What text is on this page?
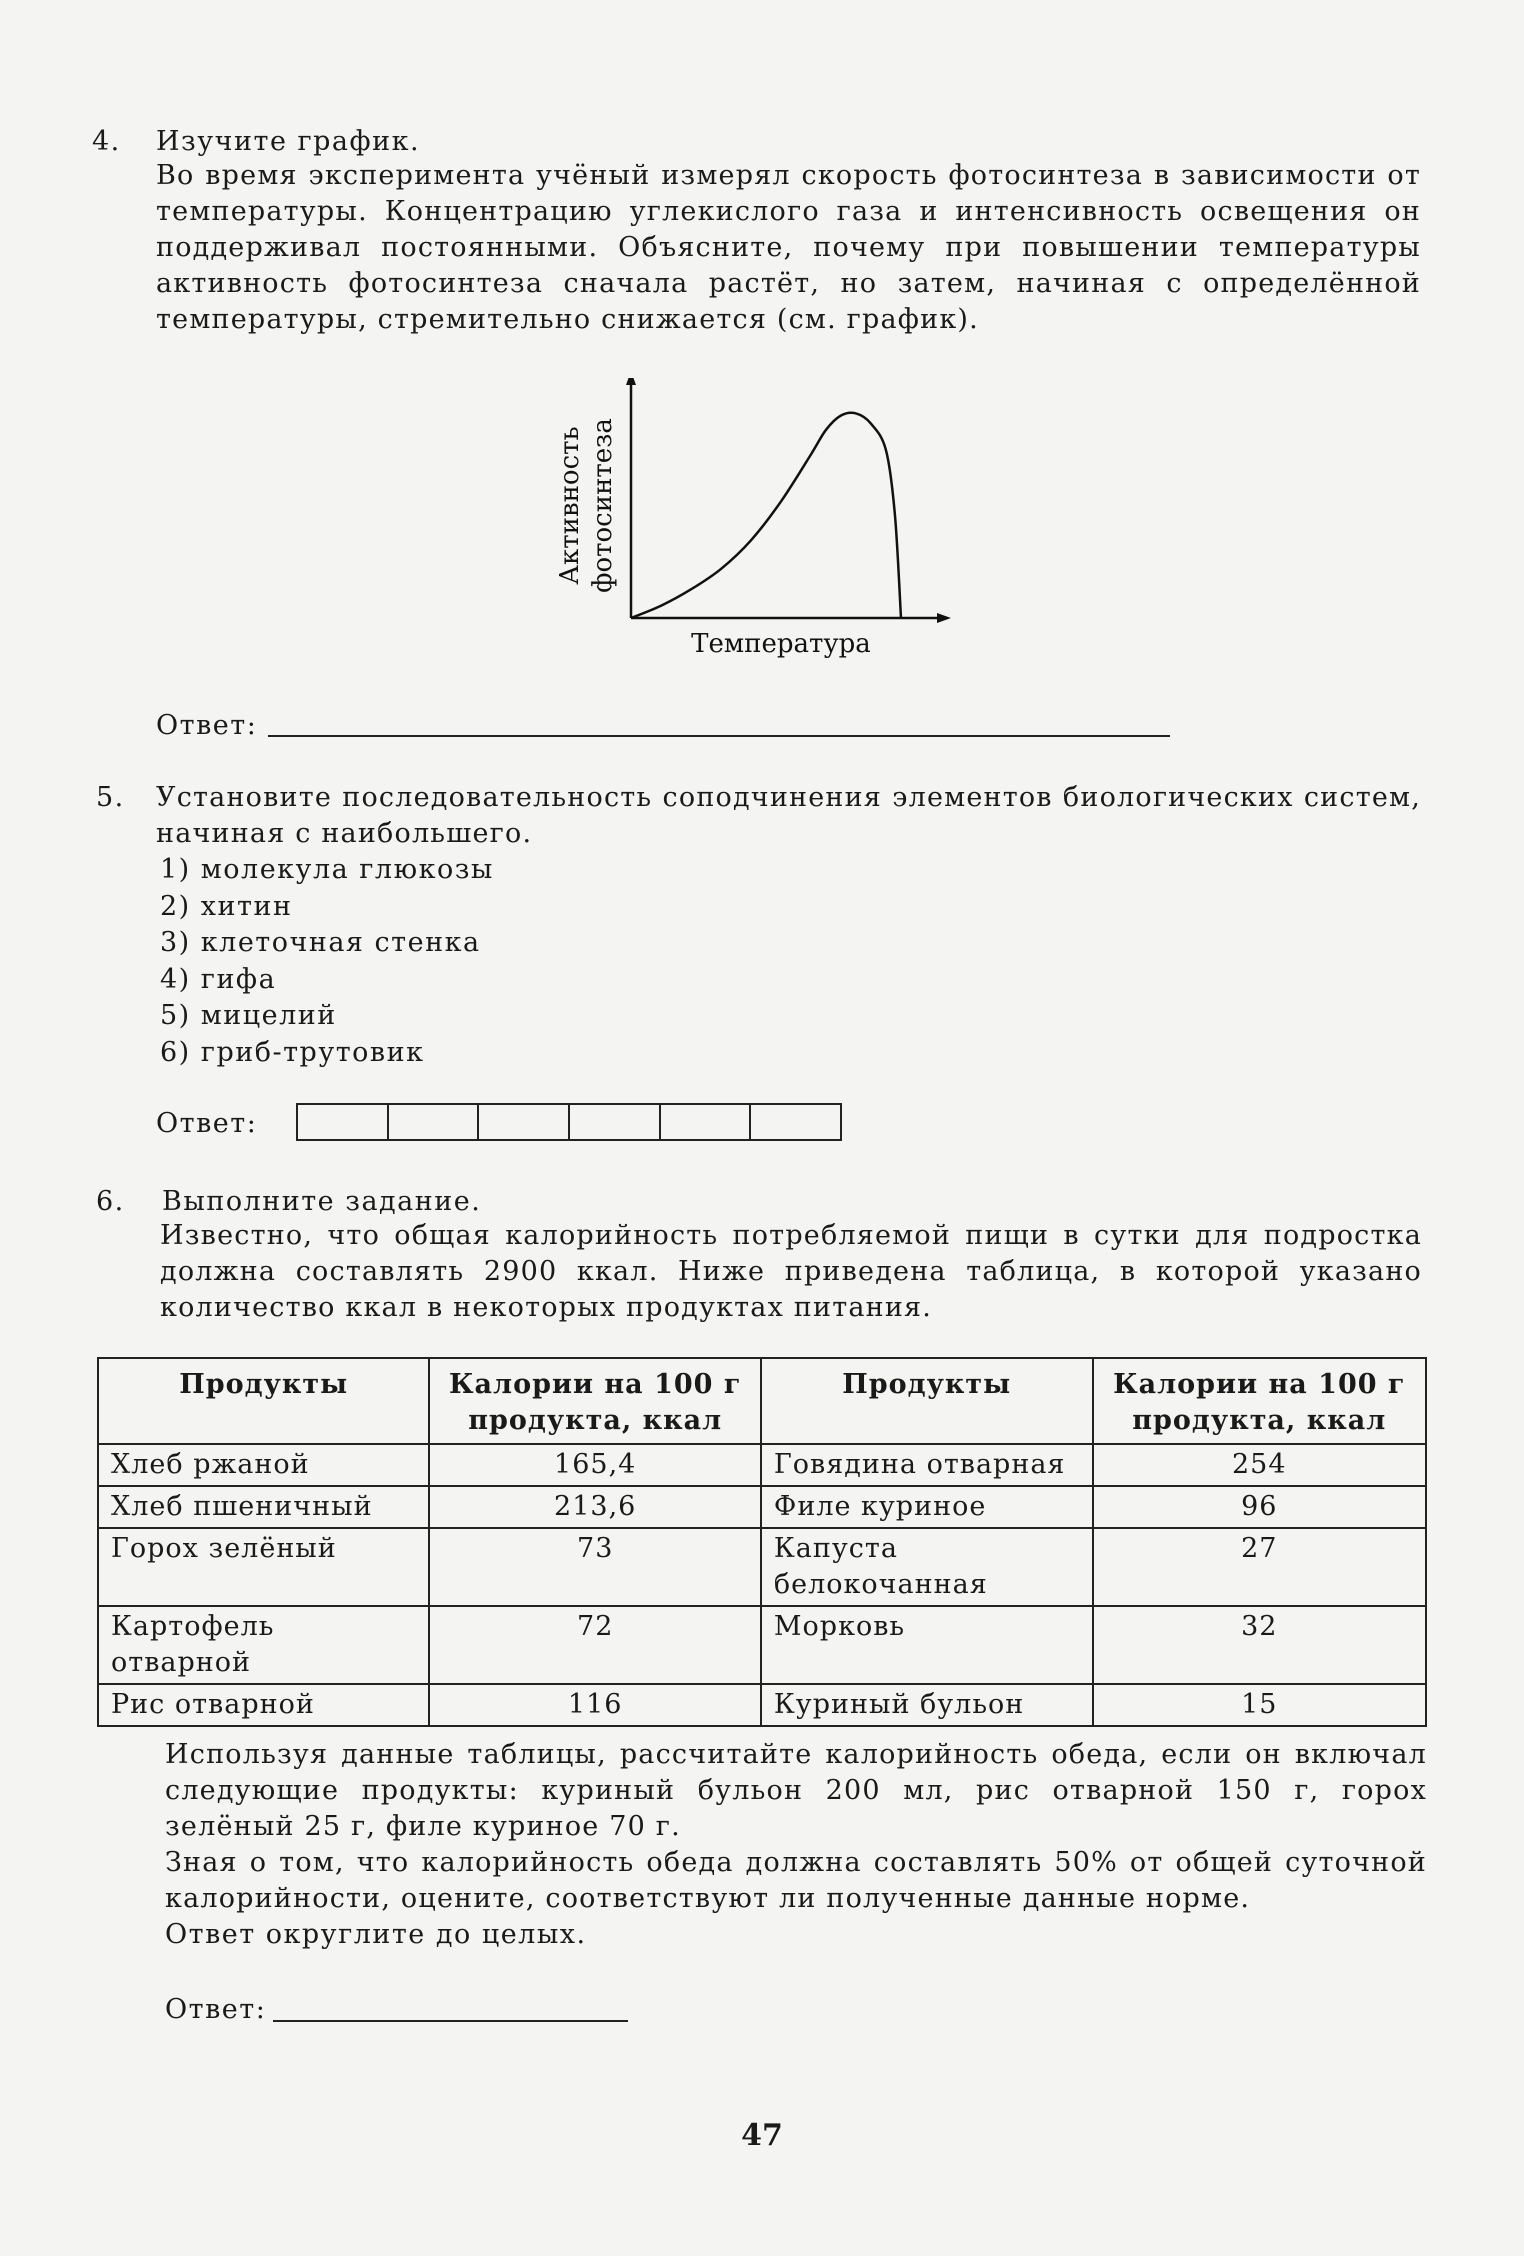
4. Изучите график.
Во время эксперимента учёный измерял скорость фотосинтеза в зависимости от температуры. Концентрацию углекислого газа и интенсивность освещения он поддерживал постоянными. Объясните, почему при повышении температуры активность фотосинтеза сначала растёт, но затем, начиная с определённой температуры, стремительно снижается (см. график).
Температура
Активность фотосинтеза
Ответ:
5. Установите последовательность соподчинения элементов биологических систем, начиная с наибольшего.
1) молекула глюкозы
2) хитин
3) клеточная стенка
4) гифа
5) мицелий
6) гриб-трутовик
Ответ:
6. Выполните задание.
Известно, что общая калорийность потребляемой пищи в сутки для подростка должна составлять 2900 ккал. Ниже приведена таблица, в которой указано количество ккал в некоторых продуктах питания.
Продукты	Калории на 100 г продукта, ккал	Продукты	Калории на 100 г продукта, ккал
Хлеб ржаной	165,4	Говядина отварная	254
Хлеб пшеничный	213,6	Филе куриное	96
Горох зелёный	73	Капуста белокочанная	27
Картофель отварной	72	Морковь	32
Рис отварной	116	Куриный бульон	15
Используя данные таблицы, рассчитайте калорийность обеда, если он включал следующие продукты: куриный бульон 200 мл, рис отварной 150 г, горох зелёный 25 г, филе куриное 70 г.
Зная о том, что калорийность обеда должна составлять 50% от общей суточной калорийности, оцените, соответствуют ли полученные данные норме.
Ответ округлите до целых.
Ответ:
47
